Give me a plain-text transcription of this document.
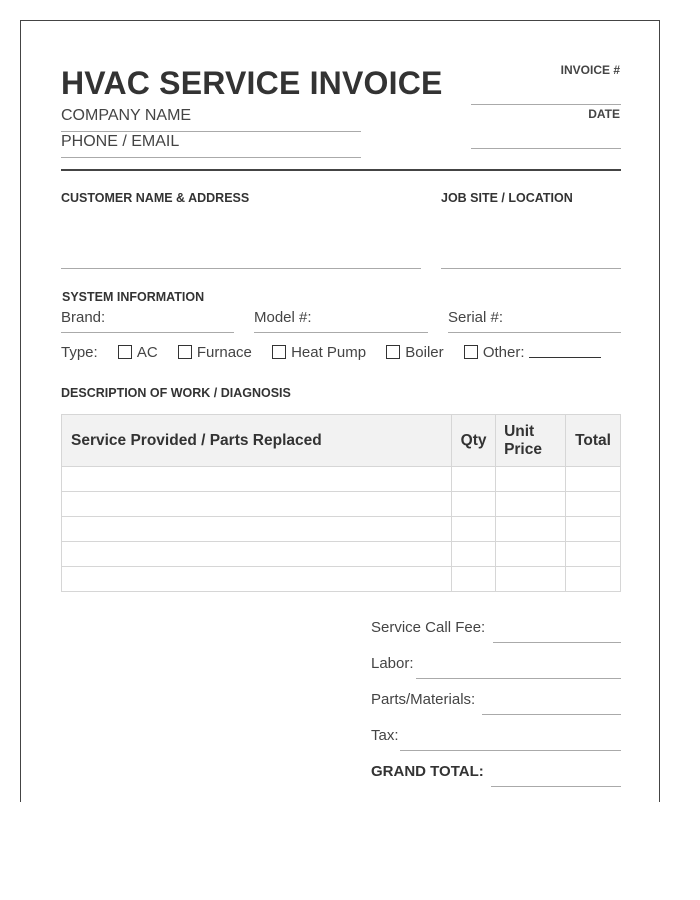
HVAC SERVICE INVOICE
COMPANY NAME
PHONE / EMAIL
INVOICE #
DATE
CUSTOMER NAME & ADDRESS	JOB SITE / LOCATION
SYSTEM INFORMATION
Brand:	Model #:	Serial #:
Type:	AC	Furnace	Heat Pump	Boiler	Other:
DESCRIPTION OF WORK / DIAGNOSIS
Service Provided / Parts Replaced	Qty	Unit Price	Total

Service Call Fee:
Labor:
Parts/Materials:
Tax:
GRAND TOTAL:
